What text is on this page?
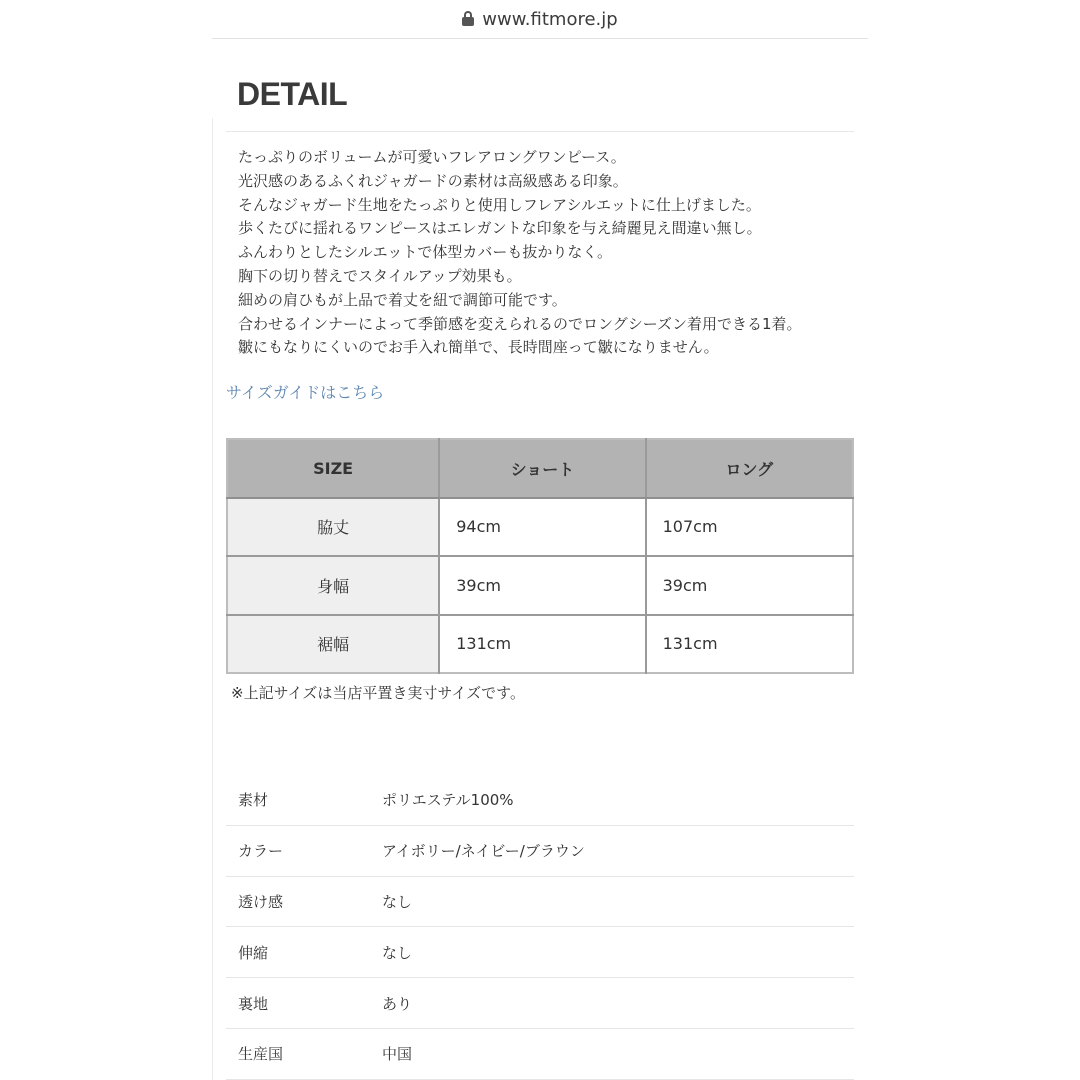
www.fitmore.jp
DETAIL
たっぷりのボリュームが可愛いフレアロングワンピース。
光沢感のあるふくれジャガードの素材は高級感ある印象。
そんなジャガード生地をたっぷりと使用しフレアシルエットに仕上げました。
歩くたびに揺れるワンピースはエレガントな印象を与え綺麗見え間違い無し。
ふんわりとしたシルエットで体型カバーも抜かりなく。
胸下の切り替えでスタイルアップ効果も。
細めの肩ひもが上品で着丈を紐で調節可能です。
合わせるインナーによって季節感を変えられるのでロングシーズン着用できる1着。
皺にもなりにくいのでお手入れ簡単で、長時間座って皺になりません。
サイズガイドはこちら
SIZE	ショート	ロング
脇丈	94cm	107cm
身幅	39cm	39cm
裾幅	131cm	131cm
※上記サイズは当店平置き実寸サイズです。
素材	ポリエステル100%
カラー	アイボリー/ネイビー/ブラウン
透け感	なし
伸縮	なし
裏地	あり
生産国	中国
